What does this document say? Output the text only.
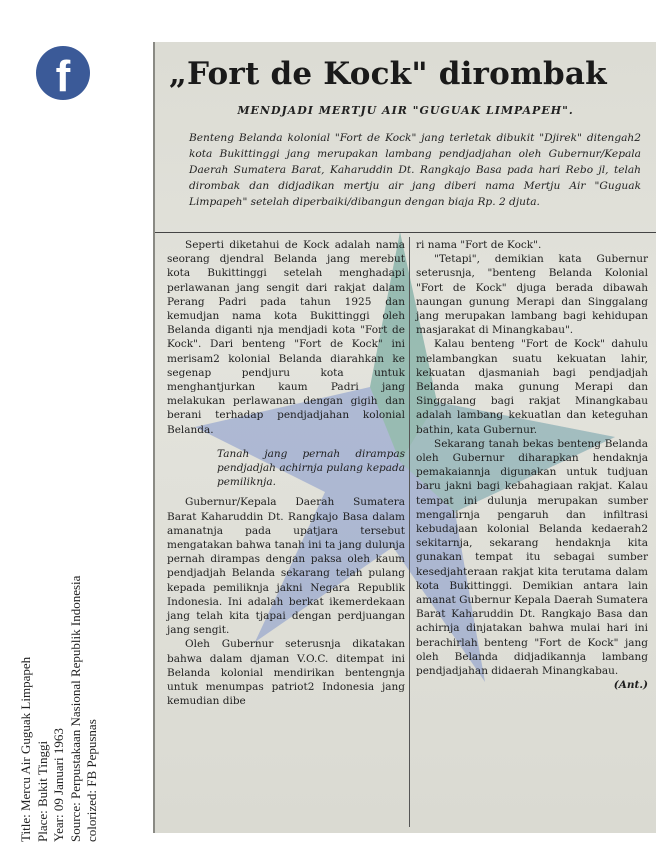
f
Title: Mercu Air Guguak Limpapeh Place: Bukit Tinggi Year: 09 Januari 1963 Source: Perpustakaan Nasional Republik Indonesia colorized: FB Pepusnas
„Fort de Kock" dirombak
MENDJADI MERTJU AIR "GUGUAK LIMPAPEH".
Benteng Belanda kolonial "Fort de Kock" jang terletak dibukit "Djirek" ditengah2 kota Bukittinggi jang merupakan lambang pendjadjahan oleh Gubernur/Kepala Daerah Sumatera Barat, Kaharuddin Dt. Rangkajo Basa pada hari Rebo jl, telah dirombak dan didjadikan mertju air jang diberi nama Mertju Air "Guguak Limpapeh" setelah diperbaiki/dibangun dengan biaja Rp. 2 djuta.

Seperti diketahui de Kock adalah nama seorang djendral Belanda jang merebut kota Bukittinggi setelah menghadapi perlawanan jang sengit dari rakjat dalam Perang Padri pada tahun 1925 dan kemudjan nama kota Bukittinggi oleh Belanda diganti nja mendjadi kota "Fort de Kock". Dari benteng "Fort de Kock" ini merisam2 kolonial Belanda diarahkan ke segenap pendjuru kota untuk menghantjurkan kaum Padri jang melakukan perlawanan dengan gigih dan berani terhadap pendjadjahan kolonial Belanda.

Tanah jang pernah dirampas pendjadjah achirnja pulang kepada pemiliknja.

Gubernur/Kepala Daerah Sumatera Barat Kaharuddin Dt. Rangkajo Basa dalam amanatnja pada upatjara tersebut mengatakan bahwa tanah ini ta jang dulunja pernah dirampas dengan paksa oleh kaum pendjadjah Belanda sekarang telah pulang kepada pemiliknja jakni Negara Republik Indonesia. Ini adalah berkat ikemerdekaan jang telah kita tjapai dengan perdjuangan jang sengit.

Oleh Gubernur seterusnja dikatakan bahwa dalam djaman V.O.C. ditempat ini Belanda kolonial mendirikan bentengnja untuk menumpas patriot2 Indonesia jang kemudian dibe

ri nama "Fort de Kock".

"Tetapi", demikian kata Gubernur seterusnja, "benteng Belanda Kolonial "Fort de Kock" djuga berada dibawah naungan gunung Merapi dan Singgalang jang merupakan lambang bagi kehidupan masjarakat di Minangkabau".

Kalau benteng "Fort de Kock" dahulu melambangkan suatu kekuatan lahir, kekuatan djasmaniah bagi pendjadjah Belanda maka gunung Merapi dan Singgalang bagi rakjat Minangkabau adalah lambang kekuatlan dan keteguhan bathin, kata Gubernur.

Sekarang tanah bekas benteng Belanda oleh Gubernur diharapkan hendaknja pemakaiannja digunakan untuk tudjuan baru jakni bagi kebahagiaan rakjat. Kalau tempat ini dulunja merupakan sumber mengalirnja pengaruh dan infiltrasi kebudajaan kolonial Belanda kedaerah2 sekitarnja, sekarang hendaknja kita gunakan tempat itu sebagai sumber kesedjahteraan rakjat kita terutama dalam kota Bukittinggi. Demikian antara lain amanat Gubernur Kepala Daerah Sumatera Barat Kaharuddin Dt. Rangkajo Basa dan achirnja dinjatakan bahwa mulai hari ini berachirlah benteng "Fort de Kock" jang oleh Belanda didjadikannja lambang pendjadjahan didaerah Minangkabau.

(Ant.)
